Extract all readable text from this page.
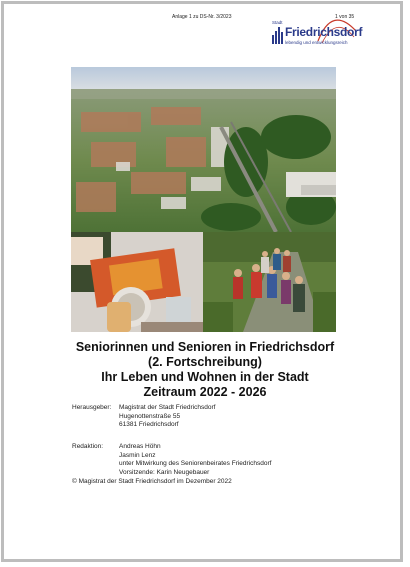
Anlage 1 zu DS-Nr. 3/2023	1 von 35
Stadt
Friedrichsdorf
lebendig und entwicklungsreich
Seniorinnen und Senioren in Friedrichsdorf
(2. Fortschreibung)
Ihr Leben und Wohnen in der Stadt
Zeitraum 2022 - 2026
Herausgeber: Magistrat der Stadt Friedrichsdorf
Hugenottenstraße 55
61381 Friedrichsdorf
Redaktion: Andreas Höhn
Jasmin Lenz
unter Mitwirkung des Seniorenbeirates Friedrichsdorf
Vorsitzende: Karin Neugebauer
© Magistrat der Stadt Friedrichsdorf im Dezember 2022
